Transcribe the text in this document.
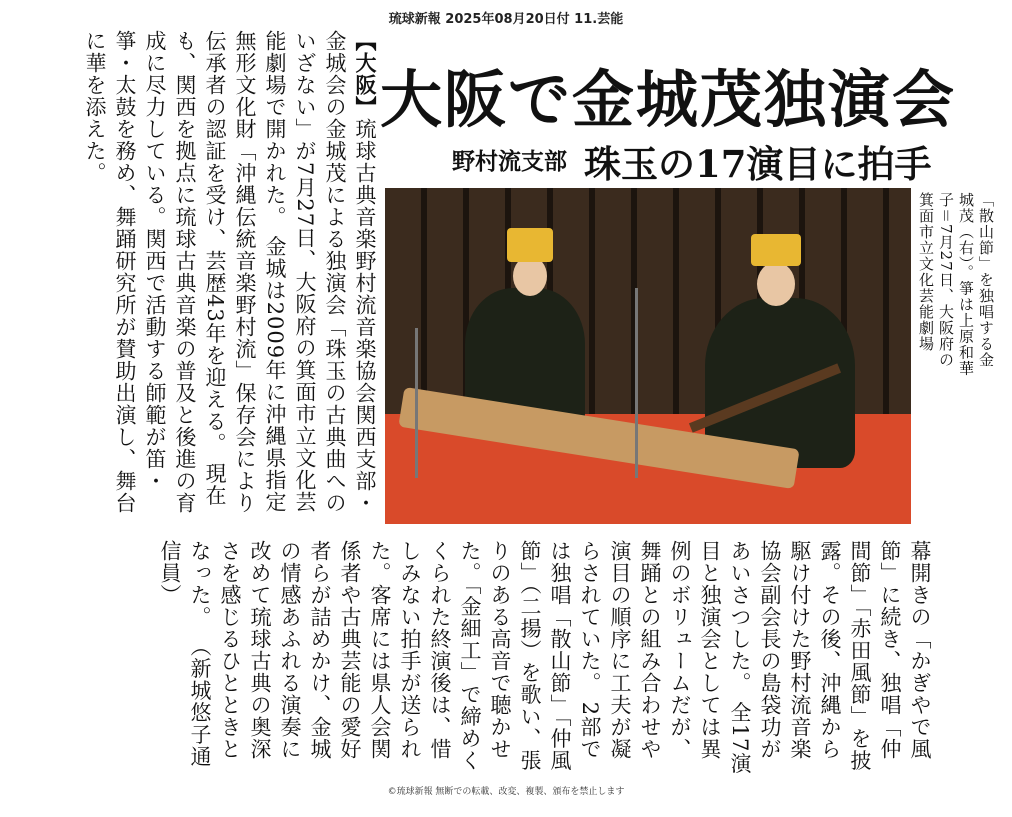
琉球新報 2025年08月20日付 11.芸能
大阪で金城茂独演会
野村流支部 珠玉の17演目に拍手
【大阪】琉球古典音楽野村流音楽協会関西支部・金城会の金城茂による独演会「珠玉の古典曲へのいざない」が7月27日、大阪府の箕面市立文化芸能劇場で開かれた。 金城は2009年に沖縄県指定無形文化財「沖縄伝統音楽野村流」保存会により伝承者の認証を受け、芸歴43年を迎える。 現在も、関西を拠点に琉球古典音楽の普及と後進の育成に尽力している。関西で活動する師範が笛・箏・太鼓を務め、舞踊研究所が賛助出演し、舞台に華を添えた。
「散山節」を独唱する金城茂（右）。箏は上原和華子＝7月27日、大阪府の箕面市立文化芸能劇場
幕開きの「かぎやで風節」に続き、独唱「仲間節」「赤田風節」を披露。その後、沖縄から駆け付けた野村流音楽協会副会長の島袋功があいさつした。 全17演目と独演会としては異例のボリュームだが、舞踊との組み合わせや演目の順序に工夫が凝らされていた。 2部では独唱「散山節」「仲風節」（二揚）を歌い、張りのある高音で聴かせた。「金細工」で締めくくられた終演後は、惜しみない拍手が送られた。客席には県人会関係者や古典芸能の愛好者らが詰めかけ、金城の情感あふれる演奏に改めて琉球古典の奥深さを感じるひとときとなった。 （新城悠子通信員）
©琉球新報 無断での転載、改変、複製、頒布を禁止します
